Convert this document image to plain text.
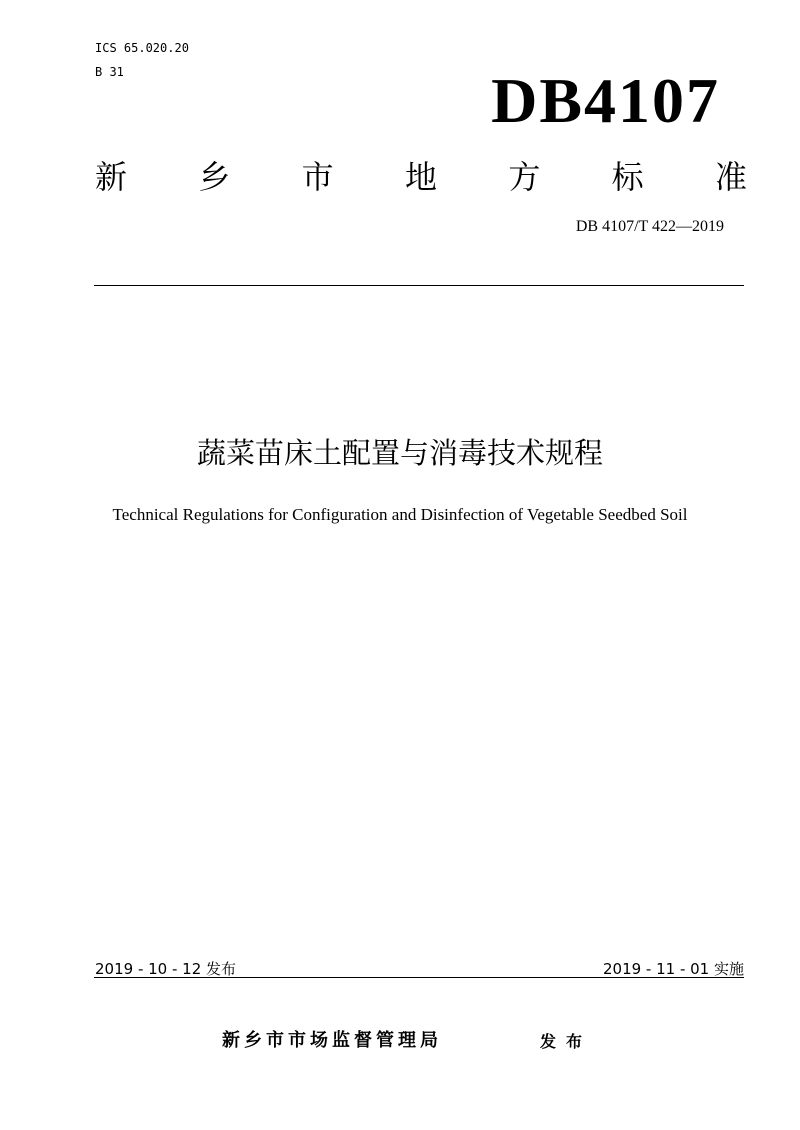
ICS 65.020.20
B 31	DB4107
新 乡 市 地 方 标 准
DB 4107/T 422—2019
蔬菜苗床土配置与消毒技术规程
Technical Regulations for Configuration and Disinfection of Vegetable Seedbed Soil
2019 - 10 - 12 发布	2019 - 11 - 01 实施
新乡市市场监督管理局	发布
